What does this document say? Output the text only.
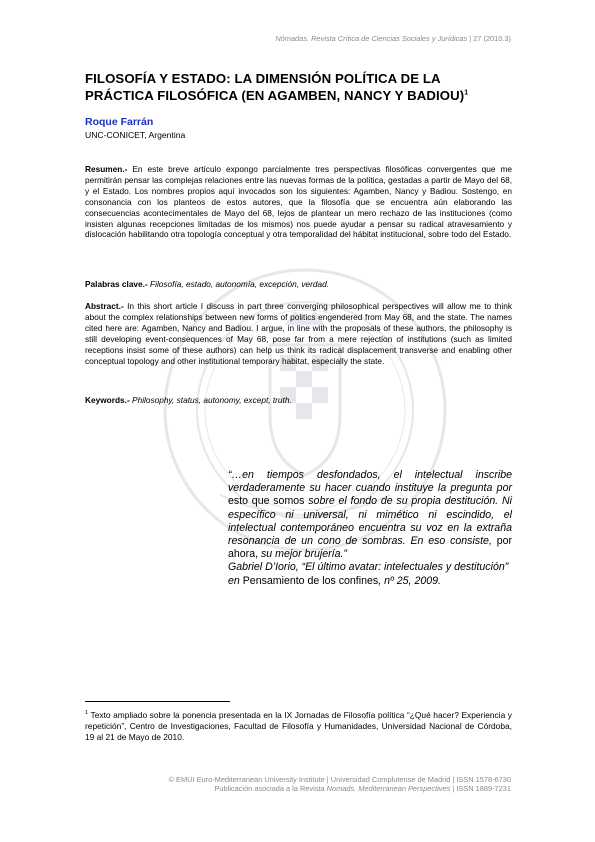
Nómadas. Revista Crítica de Ciencias Sociales y Jurídicas | 27 (2010.3)
FILOSOFÍA Y ESTADO: LA DIMENSIÓN POLÍTICA DE LA
PRÁCTICA FILOSÓFICA (EN AGAMBEN, NANCY Y BADIOU)$^1$
Roque Farrán
UNC-CONICET, Argentina

Resumen.- En este breve artículo expongo parcialmente tres perspectivas filosóficas convergentes que me permitirán pensar las complejas relaciones entre las nuevas formas de la política, gestadas a partir de Mayo del 68, y el Estado. Los nombres propios aquí invocados son los siguientes: Agamben, Nancy y Badiou. Sostengo, en consonancia con los planteos de estos autores, que la filosofía que se encuentra aún elaborando las consecuencias acontecimentales de Mayo del 68, lejos de plantear un mero rechazo de las instituciones (como insisten algunas recepciones limitadas de los mismos) nos puede ayudar a pensar su radical atravesamiento y dislocación habilitando otra topología conceptual y otra temporalidad del hábitat institucional, sobre todo del Estado.

Palabras clave.- Filosofía, estado, autonomía, excepción, verdad.

Abstract.- In this short article I discuss in part three converging philosophical perspectives will allow me to think about the complex relationships between new forms of politics engendered from May 68, and the state. The names cited here are: Agamben, Nancy and Badiou. I argue, in line with the proposals of these authors, the philosophy is still developing event-consequences of May 68, pose far from a mere rejection of institutions (such as limited receptions insist some of these authors) can help us think its radical displacement transverse and enabling other conceptual topology and other institutional temporary habitat, especially the state.

Keywords.- Philosophy, status, autonomy, except, truth.

“…en tiempos desfondados, el intelectual inscribe verdaderamente su hacer cuando instituye la pregunta por esto que somos sobre el fondo de su propia destitución. Ni específico ni universal, ni mimético ni escindido, el intelectual contemporáneo encuentra su voz en la extraña resonancia de un cono de sombras. En eso consiste, por ahora, su mejor brujería.”

Gabriel D’Iorio, “El último avatar: intelectuales y destitución” en Pensamiento de los confines, nº 25, 2009.

$^1$ Texto ampliado sobre la ponencia presentada en la IX Jornadas de Filosofía política “¿Qué hacer? Experiencia y repetición”, Centro de Investigaciones, Facultad de Filosofía y Humanidades, Universidad Nacional de Córdoba, 19 al 21 de Mayo de 2010.

© EMUI Euro-Mediterranean University Institute | Universidad Complutense de Madrid | ISSN 1578-6730
Publicación asociada a la Revista Nomads. Mediterranean Perspectives | ISSN 1889-7231
